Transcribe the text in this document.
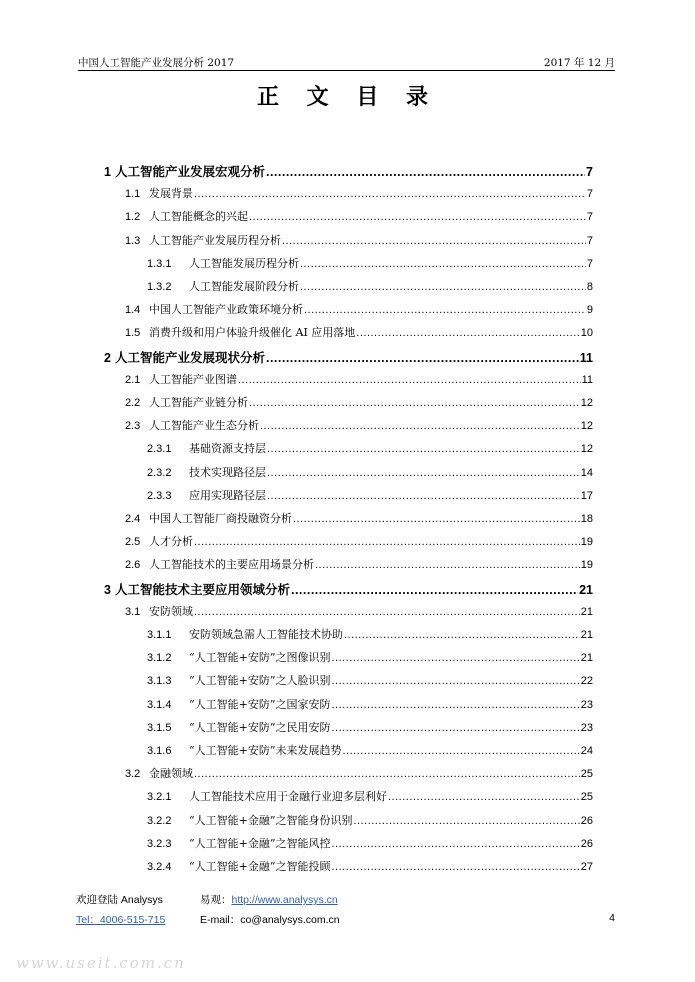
中国人工智能产业发展分析 2017	2017 年 12 月
正 文 目 录
1 人工智能产业发展宏观分析 .....	7
1.1 发展背景 .....	7
1.2 人工智能概念的兴起 .....	7
1.3 人工智能产业发展历程分析 .....	7
1.3.1	人工智能发展历程分析 .....	7
1.3.2	人工智能发展阶段分析 .....	8
1.4 中国人工智能产业政策环境分析 .....	9
1.5 消费升级和用户体验升级催化 AI 应用落地 .....	10
2 人工智能产业发展现状分析 .....	11
2.1 人工智能产业图谱 .....	11
2.2 人工智能产业链分析 .....	12
2.3 人工智能产业生态分析 .....	12
2.3.1	基础资源支持层 .....	12
2.3.2	技术实现路径层 .....	14
2.3.3	应用实现路径层 .....	17
2.4 中国人工智能厂商投融资分析 .....	18
2.5 人才分析 .....	19
2.6 人工智能技术的主要应用场景分析 .....	19
3 人工智能技术主要应用领域分析 .....	21
3.1 安防领域 .....	21
3.1.1	安防领域急需人工智能技术协助 .....	21
3.1.2	“人工智能+安防”之图像识别 .....	21
3.1.3	“人工智能+安防”之人脸识别 .....	22
3.1.4	“人工智能+安防”之国家安防 .....	23
3.1.5	“人工智能+安防”之民用安防 .....	23
3.1.6	“人工智能+安防”未来发展趋势 .....	24
3.2 金融领域 .....	25
3.2.1	人工智能技术应用于金融行业迎多层利好 .....	25
3.2.2	“人工智能+金融”之智能身份识别 .....	26
3.2.3	“人工智能+金融”之智能风控 .....	26
3.2.4	“人工智能+金融”之智能投顾 .....	27
欢迎登陆 Analysys	易观：http://www.analysys.cn
Tel：4006-515-715	E-mail：co@analysys.com.cn	4
www.useit.com.cn
